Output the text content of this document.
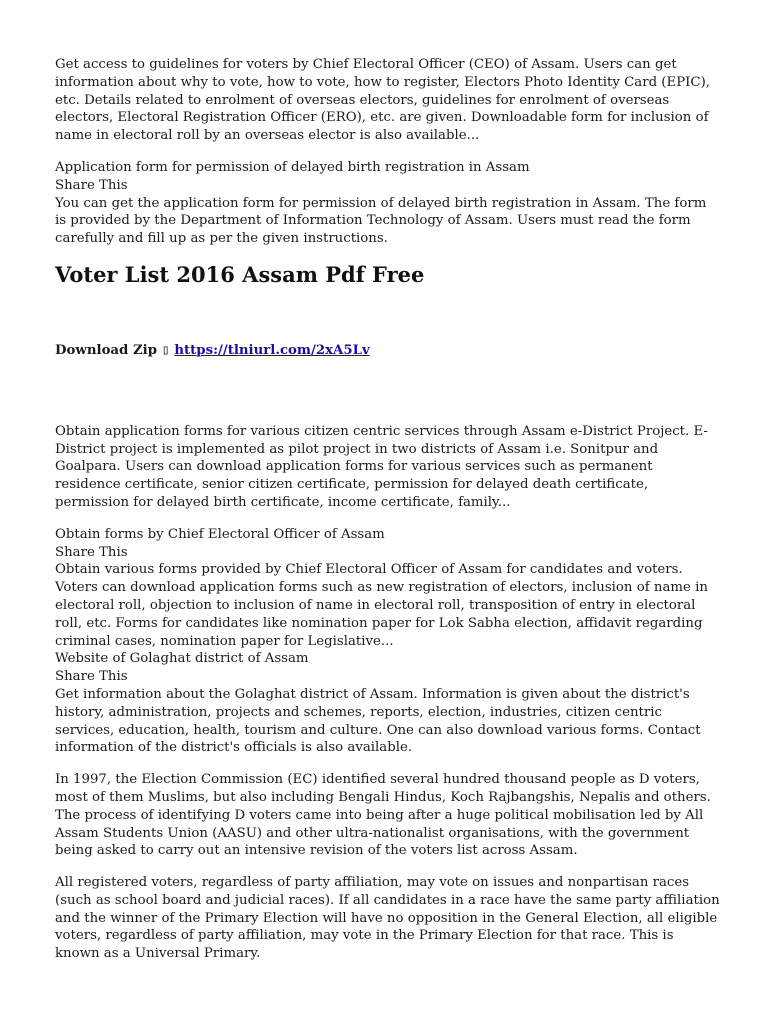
Get access to guidelines for voters by Chief Electoral Officer (CEO) of Assam. Users can get information about why to vote, how to vote, how to register, Electors Photo Identity Card (EPIC), etc. Details related to enrolment of overseas electors, guidelines for enrolment of overseas electors, Electoral Registration Officer (ERO), etc. are given. Downloadable form for inclusion of name in electoral roll by an overseas elector is also available...

Application form for permission of delayed birth registration in Assam
Share This
You can get the application form for permission of delayed birth registration in Assam. The form is provided by the Department of Information Technology of Assam. Users must read the form carefully and fill up as per the given instructions.
Voter List 2016 Assam Pdf Free

Download Zip ▯ https://tlniurl.com/2xA5Lv

Obtain application forms for various citizen centric services through Assam e-District Project. E-District project is implemented as pilot project in two districts of Assam i.e. Sonitpur and Goalpara. Users can download application forms for various services such as permanent residence certificate, senior citizen certificate, permission for delayed death certificate, permission for delayed birth certificate, income certificate, family...

Obtain forms by Chief Electoral Officer of Assam
Share This
Obtain various forms provided by Chief Electoral Officer of Assam for candidates and voters. Voters can download application forms such as new registration of electors, inclusion of name in electoral roll, objection to inclusion of name in electoral roll, transposition of entry in electoral roll, etc. Forms for candidates like nomination paper for Lok Sabha election, affidavit regarding criminal cases, nomination paper for Legislative...
Website of Golaghat district of Assam
Share This
Get information about the Golaghat district of Assam. Information is given about the district's history, administration, projects and schemes, reports, election, industries, citizen centric services, education, health, tourism and culture. One can also download various forms. Contact information of the district's officials is also available.

In 1997, the Election Commission (EC) identified several hundred thousand people as D voters, most of them Muslims, but also including Bengali Hindus, Koch Rajbangshis, Nepalis and others. The process of identifying D voters came into being after a huge political mobilisation led by All Assam Students Union (AASU) and other ultra-nationalist organisations, with the government being asked to carry out an intensive revision of the voters list across Assam.

All registered voters, regardless of party affiliation, may vote on issues and nonpartisan races (such as school board and judicial races). If all candidates in a race have the same party affiliation and the winner of the Primary Election will have no opposition in the General Election, all eligible voters, regardless of party affiliation, may vote in the Primary Election for that race. This is known as a Universal Primary.
